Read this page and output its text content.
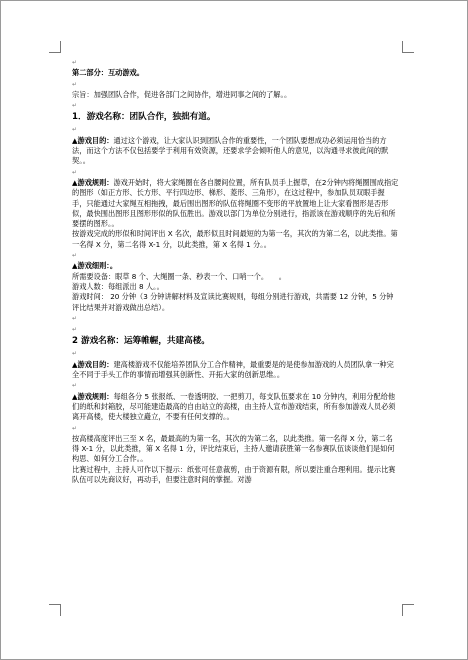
↵
第二部分：互动游戏。
↵
宗旨：加强团队合作，促进各部门之间协作，增进同事之间的了解。。
↵
1．游戏名称：团队合作，独拙有道。
↵
▲游戏目的：通过这个游戏，让大家认识到团队合作的重要性，一个团队要想成功必须运用恰当的方法，而这个方法不仅包括要学于利用有效资源，还要求学会倾听他人的意见，以沟通寻求彼此间的默契。。
↵
▲游戏规则：游戏开始时，将大家绳圈在各自腰间位置，所有队员手上握草，在2分钟内将绳圈围成指定的图形（如正方形、长方形、平行四边形、梯形、菱形、三角形），在这过程中，参加队员双眼手握手，只能通过大家绳互相拖拽，最后围出图形的队伍将绳圈不变形的平放置地上让大家看图形是否形似，最快围出图形且图形形似的队伍胜出。游戏以部门为单位分别进行，指派该在游戏顺序的先后和所要摆的图形。。
按游戏完成的形似和时间评出 X 名次，最形似且时间最短的为第一名，其次的为第二名，以此类推。第一名得 X 分，第二名得 X-1 分，以此类推，第 X 名得 1 分。。
↵
▲游戏细则：。
所需要设备：眼草 8 个、大绳圈一条、秒表一个、口哨一个。　　。
游戏人数：每组派出 8 人。。
游戏时间： 20 分钟（3 分钟讲解材料及宣读比赛规则，每组分别进行游戏，共需要 12 分钟，5 分钟评比结果并对游戏做出总结）。
↵
↵
2 游戏名称：运筹帷幄，共建高楼。
↵
▲游戏目的：建高楼游戏不仅能培养团队分工合作精神，最重要是的是使参加游戏的人员团队拿一种完全不同于手头工作的事情而增强其创新性、开拓大家的创新思维。。
↵
▲游戏规则：每组各分 5 张报纸、一卷透明胶、一把剪刀，每支队伍要求在 10 分钟内，利用分配给他们的纸和封箱胶，尽可能建造最高的自由站立的高楼，由主持人宣布游戏结束，所有参加游戏人员必须离开高楼，使大楼独立矗立，不要有任何支撑的。。
↵
按高楼高度评出三至 X 名，最最高的为第一名，其次的为第二名，以此类推。第一名得 X 分，第二名得 X-1 分，以此类推，第 X 名得 1 分，评比结束后，主持人邀请获胜第一名参赛队伍谈谈他们是如何构思、如何分工合作。。
比赛过程中，主持人可作以下提示：纸张可任意裁剪，由于资源有限，所以要注重合理利用。提示比赛队伍可以先商议好，再动手，但要注意时间的掌握。对游
